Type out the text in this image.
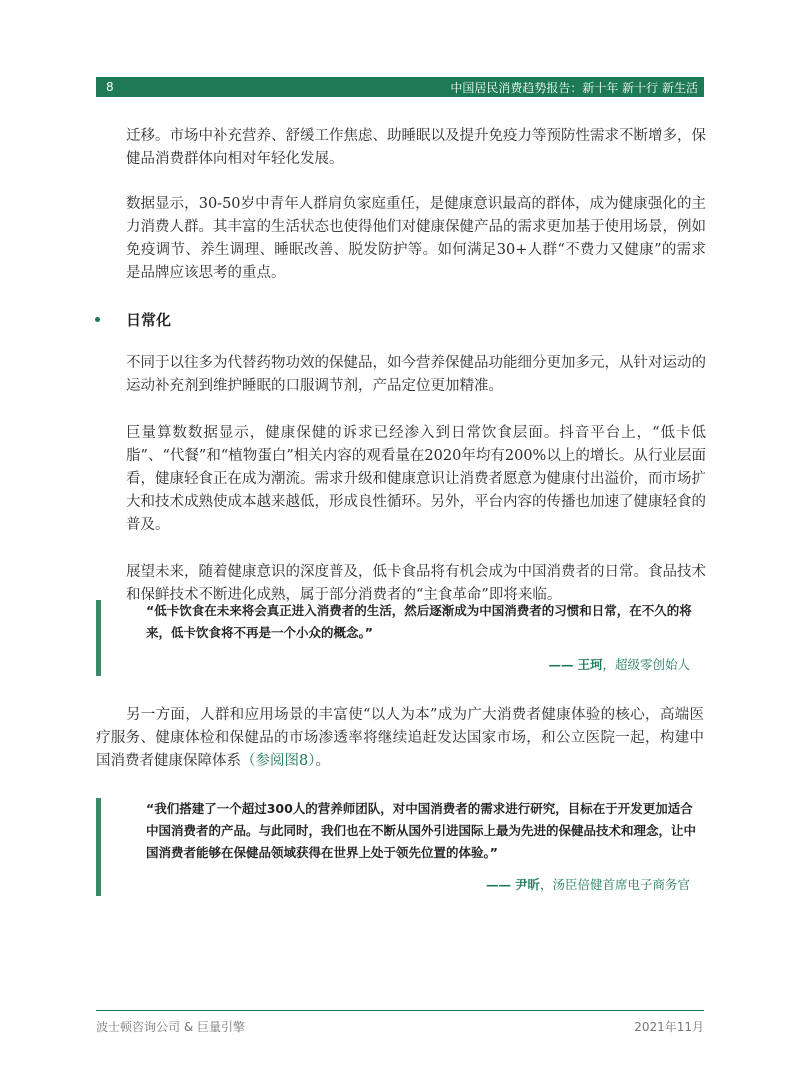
8	中国居民消费趋势报告：新十年 新十行 新生活

迁移。市场中补充营养、舒缓工作焦虑、助睡眠以及提升免疫力等预防性需求不断增多，保健品消费群体向相对年轻化发展。

数据显示，30-50岁中青年人群肩负家庭重任，是健康意识最高的群体，成为健康强化的主力消费人群。其丰富的生活状态也使得他们对健康保健产品的需求更加基于使用场景，例如免疫调节、养生调理、睡眠改善、脱发防护等。如何满足30+人群“不费力又健康”的需求是品牌应该思考的重点。

日常化

不同于以往多为代替药物功效的保健品，如今营养保健品功能细分更加多元，从针对运动的运动补充剂到维护睡眠的口服调节剂，产品定位更加精准。

巨量算数数据显示，健康保健的诉求已经渗入到日常饮食层面。抖音平台上，“低卡低脂”、“代餐”和“植物蛋白”相关内容的观看量在2020年均有200%以上的增长。从行业层面看，健康轻食正在成为潮流。需求升级和健康意识让消费者愿意为健康付出溢价，而市场扩大和技术成熟使成本越来越低，形成良性循环。另外，平台内容的传播也加速了健康轻食的普及。

展望未来，随着健康意识的深度普及，低卡食品将有机会成为中国消费者的日常。食品技术和保鲜技术不断进化成熟，属于部分消费者的“主食革命”即将来临。

“低卡饮食在未来将会真正进入消费者的生活，然后逐渐成为中国消费者的习惯和日常，在不久的将来，低卡饮食将不再是一个小众的概念。”
—— 王珂，超级零创始人
另一方面，人群和应用场景的丰富使“以人为本”成为广大消费者健康体验的核心，高端医疗服务、健康体检和保健品的市场渗透率将继续追赶发达国家市场，和公立医院一起，构建中国消费者健康保障体系（参阅图8）。
“我们搭建了一个超过300人的营养师团队，对中国消费者的需求进行研究，目标在于开发更加适合中国消费者的产品。与此同时，我们也在不断从国外引进国际上最为先进的保健品技术和理念，让中国消费者能够在保健品领域获得在世界上处于领先位置的体验。”
—— 尹昕，汤臣倍健首席电子商务官
波士顿咨询公司 & 巨量引擎	2021年11月
